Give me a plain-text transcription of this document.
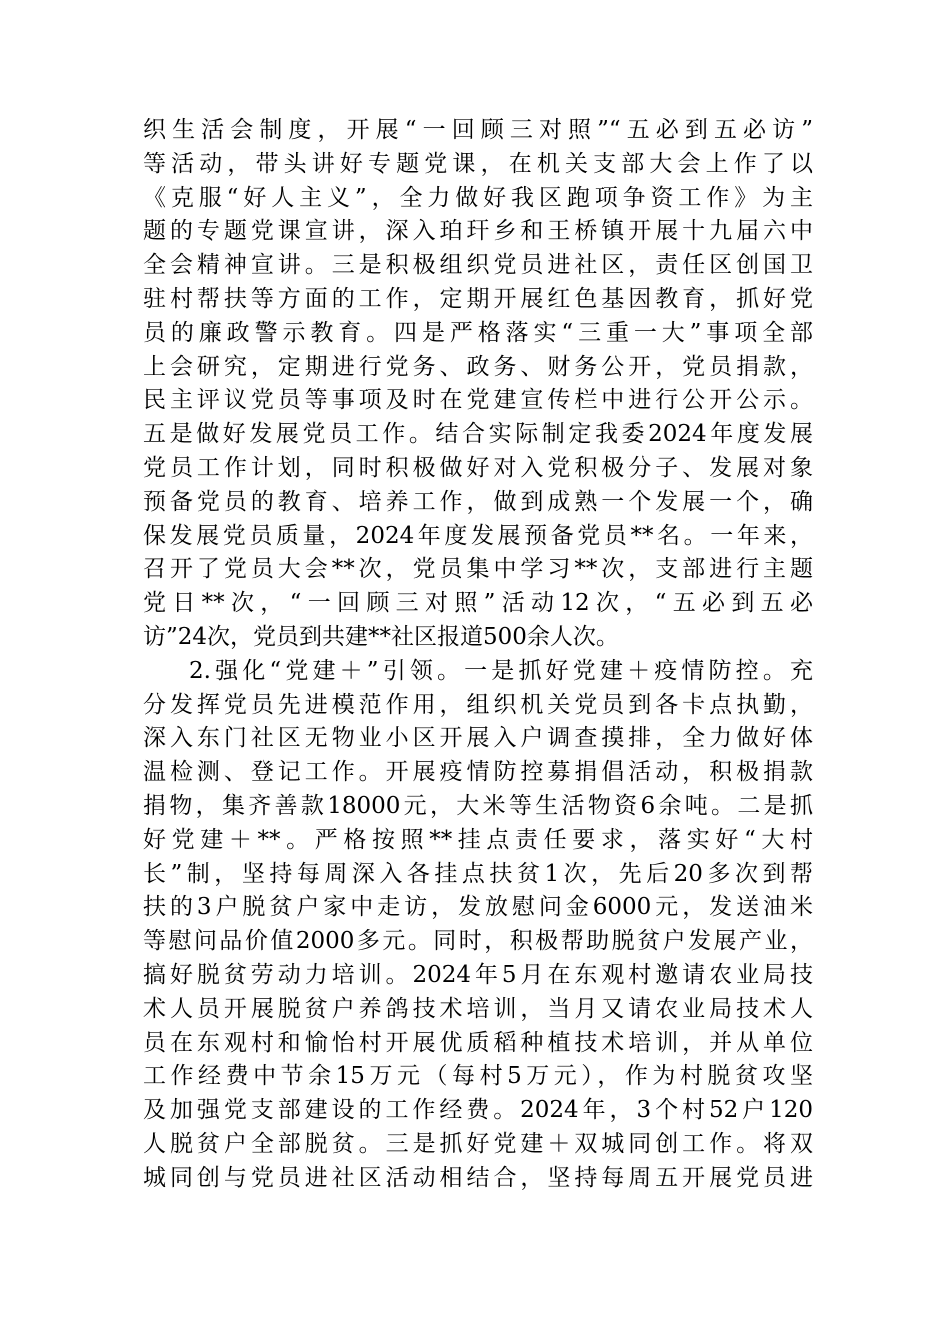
织生活会制度，开展“一回顾三对照”“五必到五必访”
等活动，带头讲好专题党课，在机关支部大会上作了以
《克服“好人主义”，全力做好我区跑项争资工作》为主
题的专题党课宣讲，深入珀玕乡和王桥镇开展十九届六中
全会精神宣讲。三是积极组织党员进社区，责任区创国卫
驻村帮扶等方面的工作，定期开展红色基因教育，抓好党
员的廉政警示教育。四是严格落实“三重一大”事项全部
上会研究，定期进行党务、政务、财务公开，党员捐款，
民主评议党员等事项及时在党建宣传栏中进行公开公示。
五是做好发展党员工作。结合实际制定我委2024年度发展
党员工作计划，同时积极做好对入党积极分子、发展对象
预备党员的教育、培养工作，做到成熟一个发展一个，确
保发展党员质量，2024年度发展预备党员**名。一年来，
召开了党员大会**次，党员集中学习**次，支部进行主题
党日**次，“一回顾三对照”活动12次，“五必到五必
访”24次，党员到共建**社区报道500余人次。
2.强化“党建＋”引领。一是抓好党建＋疫情防控。充
分发挥党员先进模范作用，组织机关党员到各卡点执勤，
深入东门社区无物业小区开展入户调查摸排，全力做好体
温检测、登记工作。开展疫情防控募捐倡活动，积极捐款
捐物，集齐善款18000元，大米等生活物资6余吨。二是抓
好党建＋**。严格按照**挂点责任要求，落实好“大村
长”制，坚持每周深入各挂点扶贫1次，先后20多次到帮
扶的3户脱贫户家中走访，发放慰问金6000元，发送油米
等慰问品价值2000多元。同时，积极帮助脱贫户发展产业，
搞好脱贫劳动力培训。2024年5月在东观村邀请农业局技
术人员开展脱贫户养鸽技术培训，当月又请农业局技术人
员在东观村和愉怡村开展优质稻种植技术培训，并从单位
工作经费中节余15万元（每村5万元），作为村脱贫攻坚
及加强党支部建设的工作经费。2024年，3个村52户120
人脱贫户全部脱贫。三是抓好党建＋双城同创工作。将双
城同创与党员进社区活动相结合，坚持每周五开展党员进
